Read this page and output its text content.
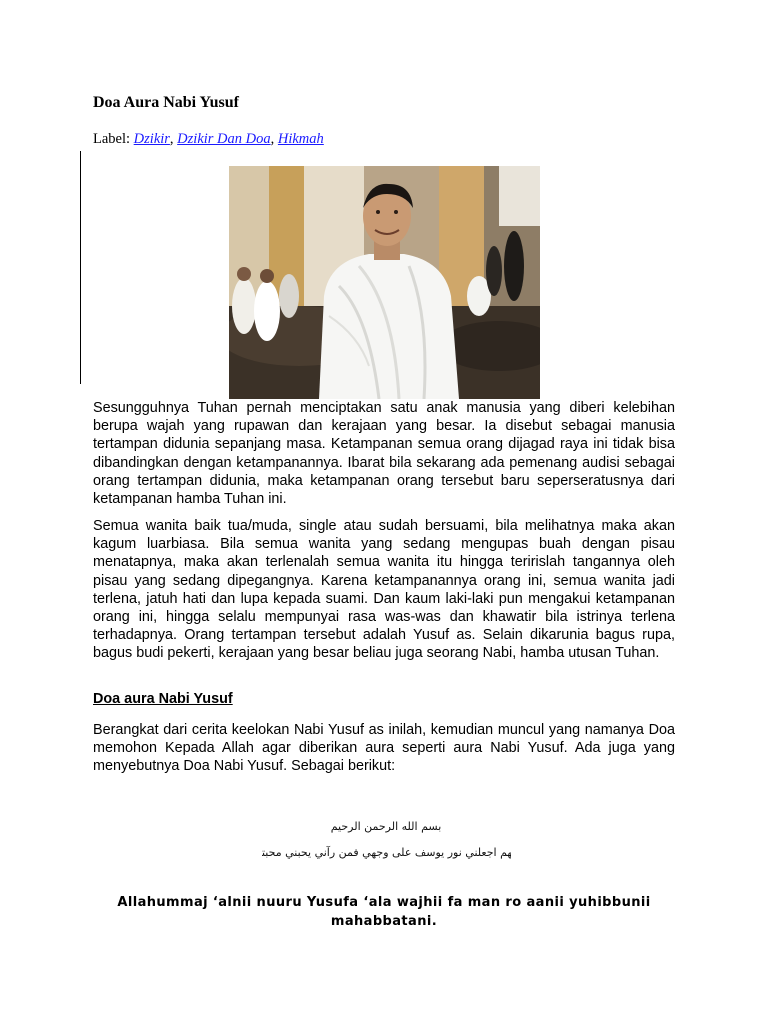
Doa Aura Nabi Yusuf
Label: Dzikir, Dzikir Dan Doa, Hikmah
Sesungguhnya Tuhan pernah menciptakan satu anak manusia yang diberi kelebihan berupa wajah yang rupawan dan kerajaan yang besar. Ia disebut sebagai manusia tertampan didunia sepanjang masa. Ketampanan semua orang dijagad raya ini tidak bisa dibandingkan dengan ketampanannya. Ibarat bila sekarang ada pemenang audisi sebagai orang tertampan didunia, maka ketampanan orang tersebut baru seperseratusnya dari ketampanan hamba Tuhan ini.
Semua wanita baik tua/muda, single atau sudah bersuami, bila melihatnya maka akan kagum luarbiasa. Bila semua wanita yang sedang mengupas buah dengan pisau menatapnya, maka akan terlenalah semua wanita itu hingga teririslah tangannya oleh pisau yang sedang dipegangnya. Karena ketampanannya orang ini, semua wanita jadi terlena, jatuh hati dan lupa kepada suami. Dan kaum laki-laki pun mengakui ketampanan orang ini, hingga selalu mempunyai rasa was-was dan khawatir bila istrinya terlena terhadapnya. Orang tertampan tersebut adalah Yusuf as. Selain dikarunia bagus rupa, bagus budi pekerti, kerajaan yang besar beliau juga seorang Nabi, hamba utusan Tuhan.
Doa aura Nabi Yusuf
Berangkat dari cerita keelokan Nabi Yusuf as inilah, kemudian muncul yang namanya Doa memohon Kepada Allah agar diberikan aura seperti aura Nabi Yusuf. Ada juga yang menyebutnya Doa Nabi Yusuf. Sebagai berikut:
بسم الله الرحمن الرحيم
اللهم اجعلني نور يوسف على وجهي فمن رآني يحبني محبتني
Allahummaj ‘alnii nuuru Yusufa ‘ala wajhii fa man ro aanii yuhibbunii mahabbatani.
